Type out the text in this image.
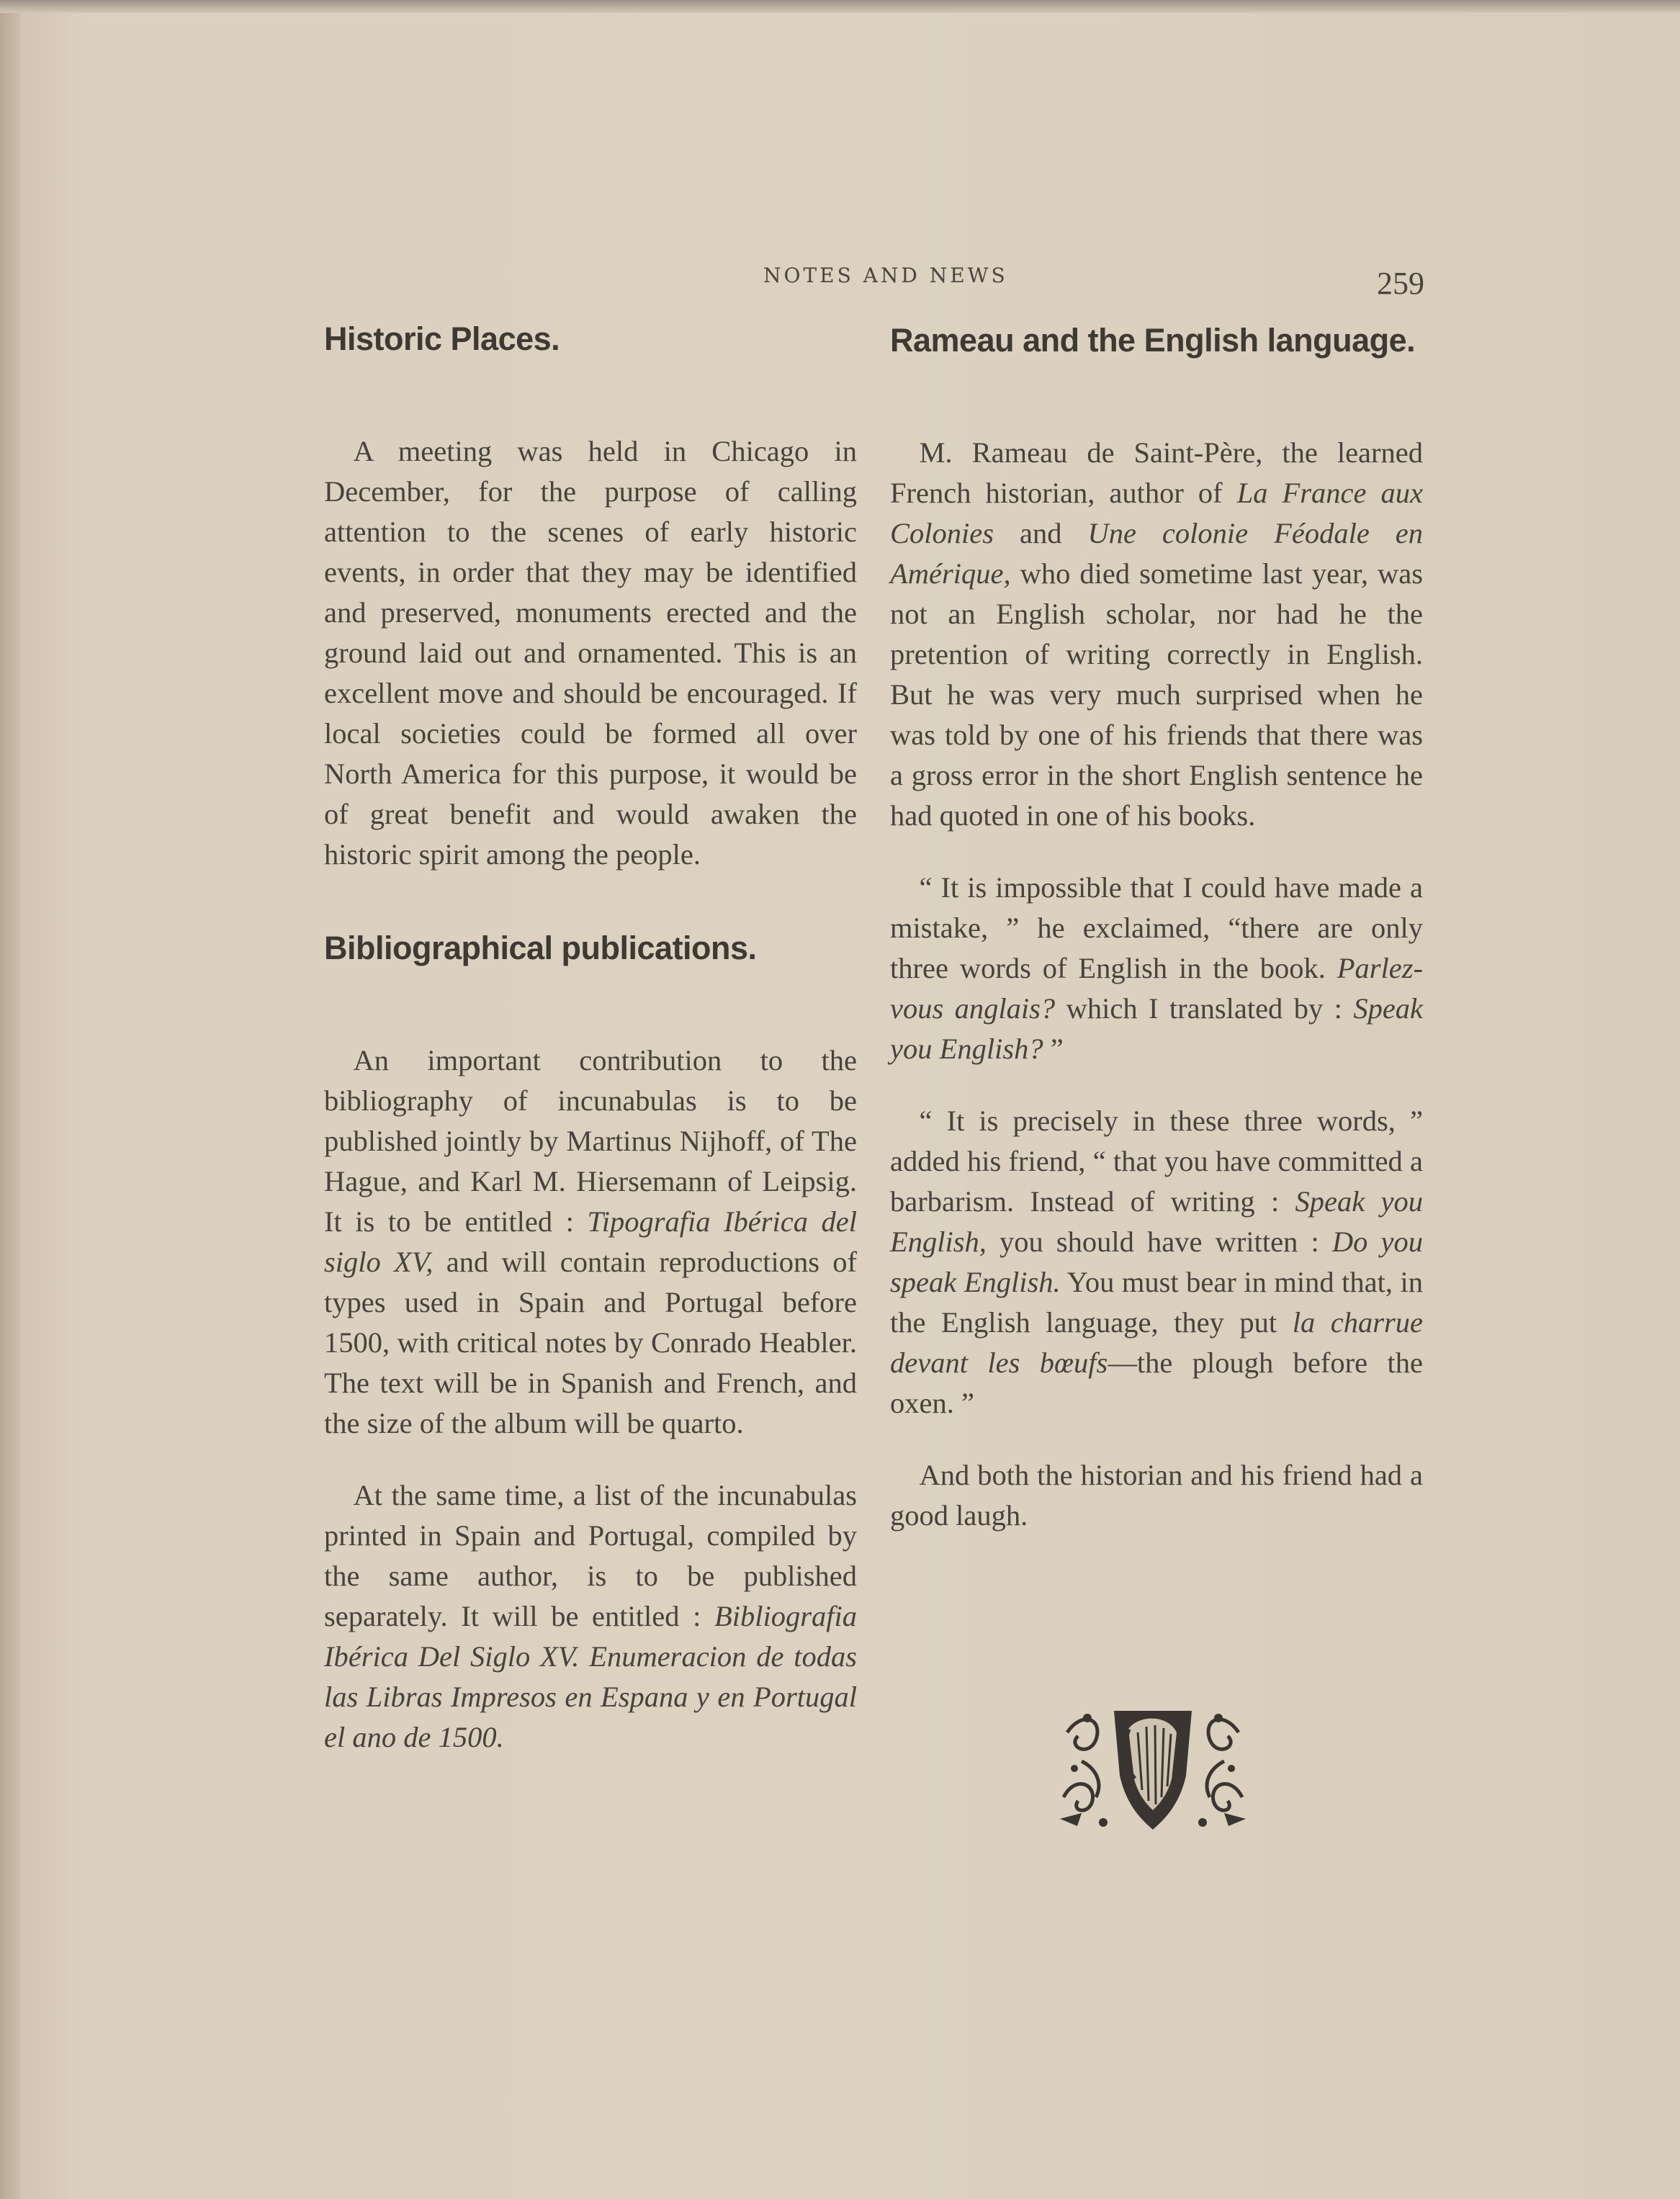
NOTES AND NEWS	259
Historic Places.

 A meeting was held in Chicago in December, for the purpose of calling attention to the scenes of early historic events, in order that they may be identified and preserved, monuments erected and the ground laid out and ornamented. This is an excellent move and should be encouraged. If local societies could be formed all over North America for this purpose, it would be of great benefit and would awaken the historic spirit among the people.

Bibliographical publications.

 An important contribution to the bibliography of incunabulas is to be published jointly by Martinus Nijhoff, of The Hague, and Karl M. Hiersemann of Leipsig. It is to be entitled : Tipografia Ibérica del siglo XV, and will contain reproductions of types used in Spain and Portugal before 1500, with critical notes by Conrado Heabler. The text will be in Spanish and French, and the size of the album will be quarto.

 At the same time, a list of the incunabulas printed in Spain and Portugal, compiled by the same author, is to be published separately. It will be entitled : Bibliografia Ibérica Del Siglo XV. Enumeracion de todas las Libras Impresos en Espana y en Portugal el ano de 1500.

Rameau and the English language.

 M. Rameau de Saint-Père, the learned French historian, author of La France aux Colonies and Une colonie Féodale en Amérique, who died sometime last year, was not an English scholar, nor had he the pretention of writing correctly in English. But he was very much surprised when he was told by one of his friends that there was a gross error in the short English sentence he had quoted in one of his books.

 “ It is impossible that I could have made a mistake, ” he exclaimed, “there are only three words of English in the book. Parlez-vous anglais? which I translated by : Speak you English? ”

 “ It is precisely in these three words, ” added his friend, “ that you have committed a barbarism. Instead of writing : Speak you English, you should have written : Do you speak English. You must bear in mind that, in the English language, they put la charrue devant les bœufs—the plough before the oxen. ”

 And both the historian and his friend had a good laugh.
